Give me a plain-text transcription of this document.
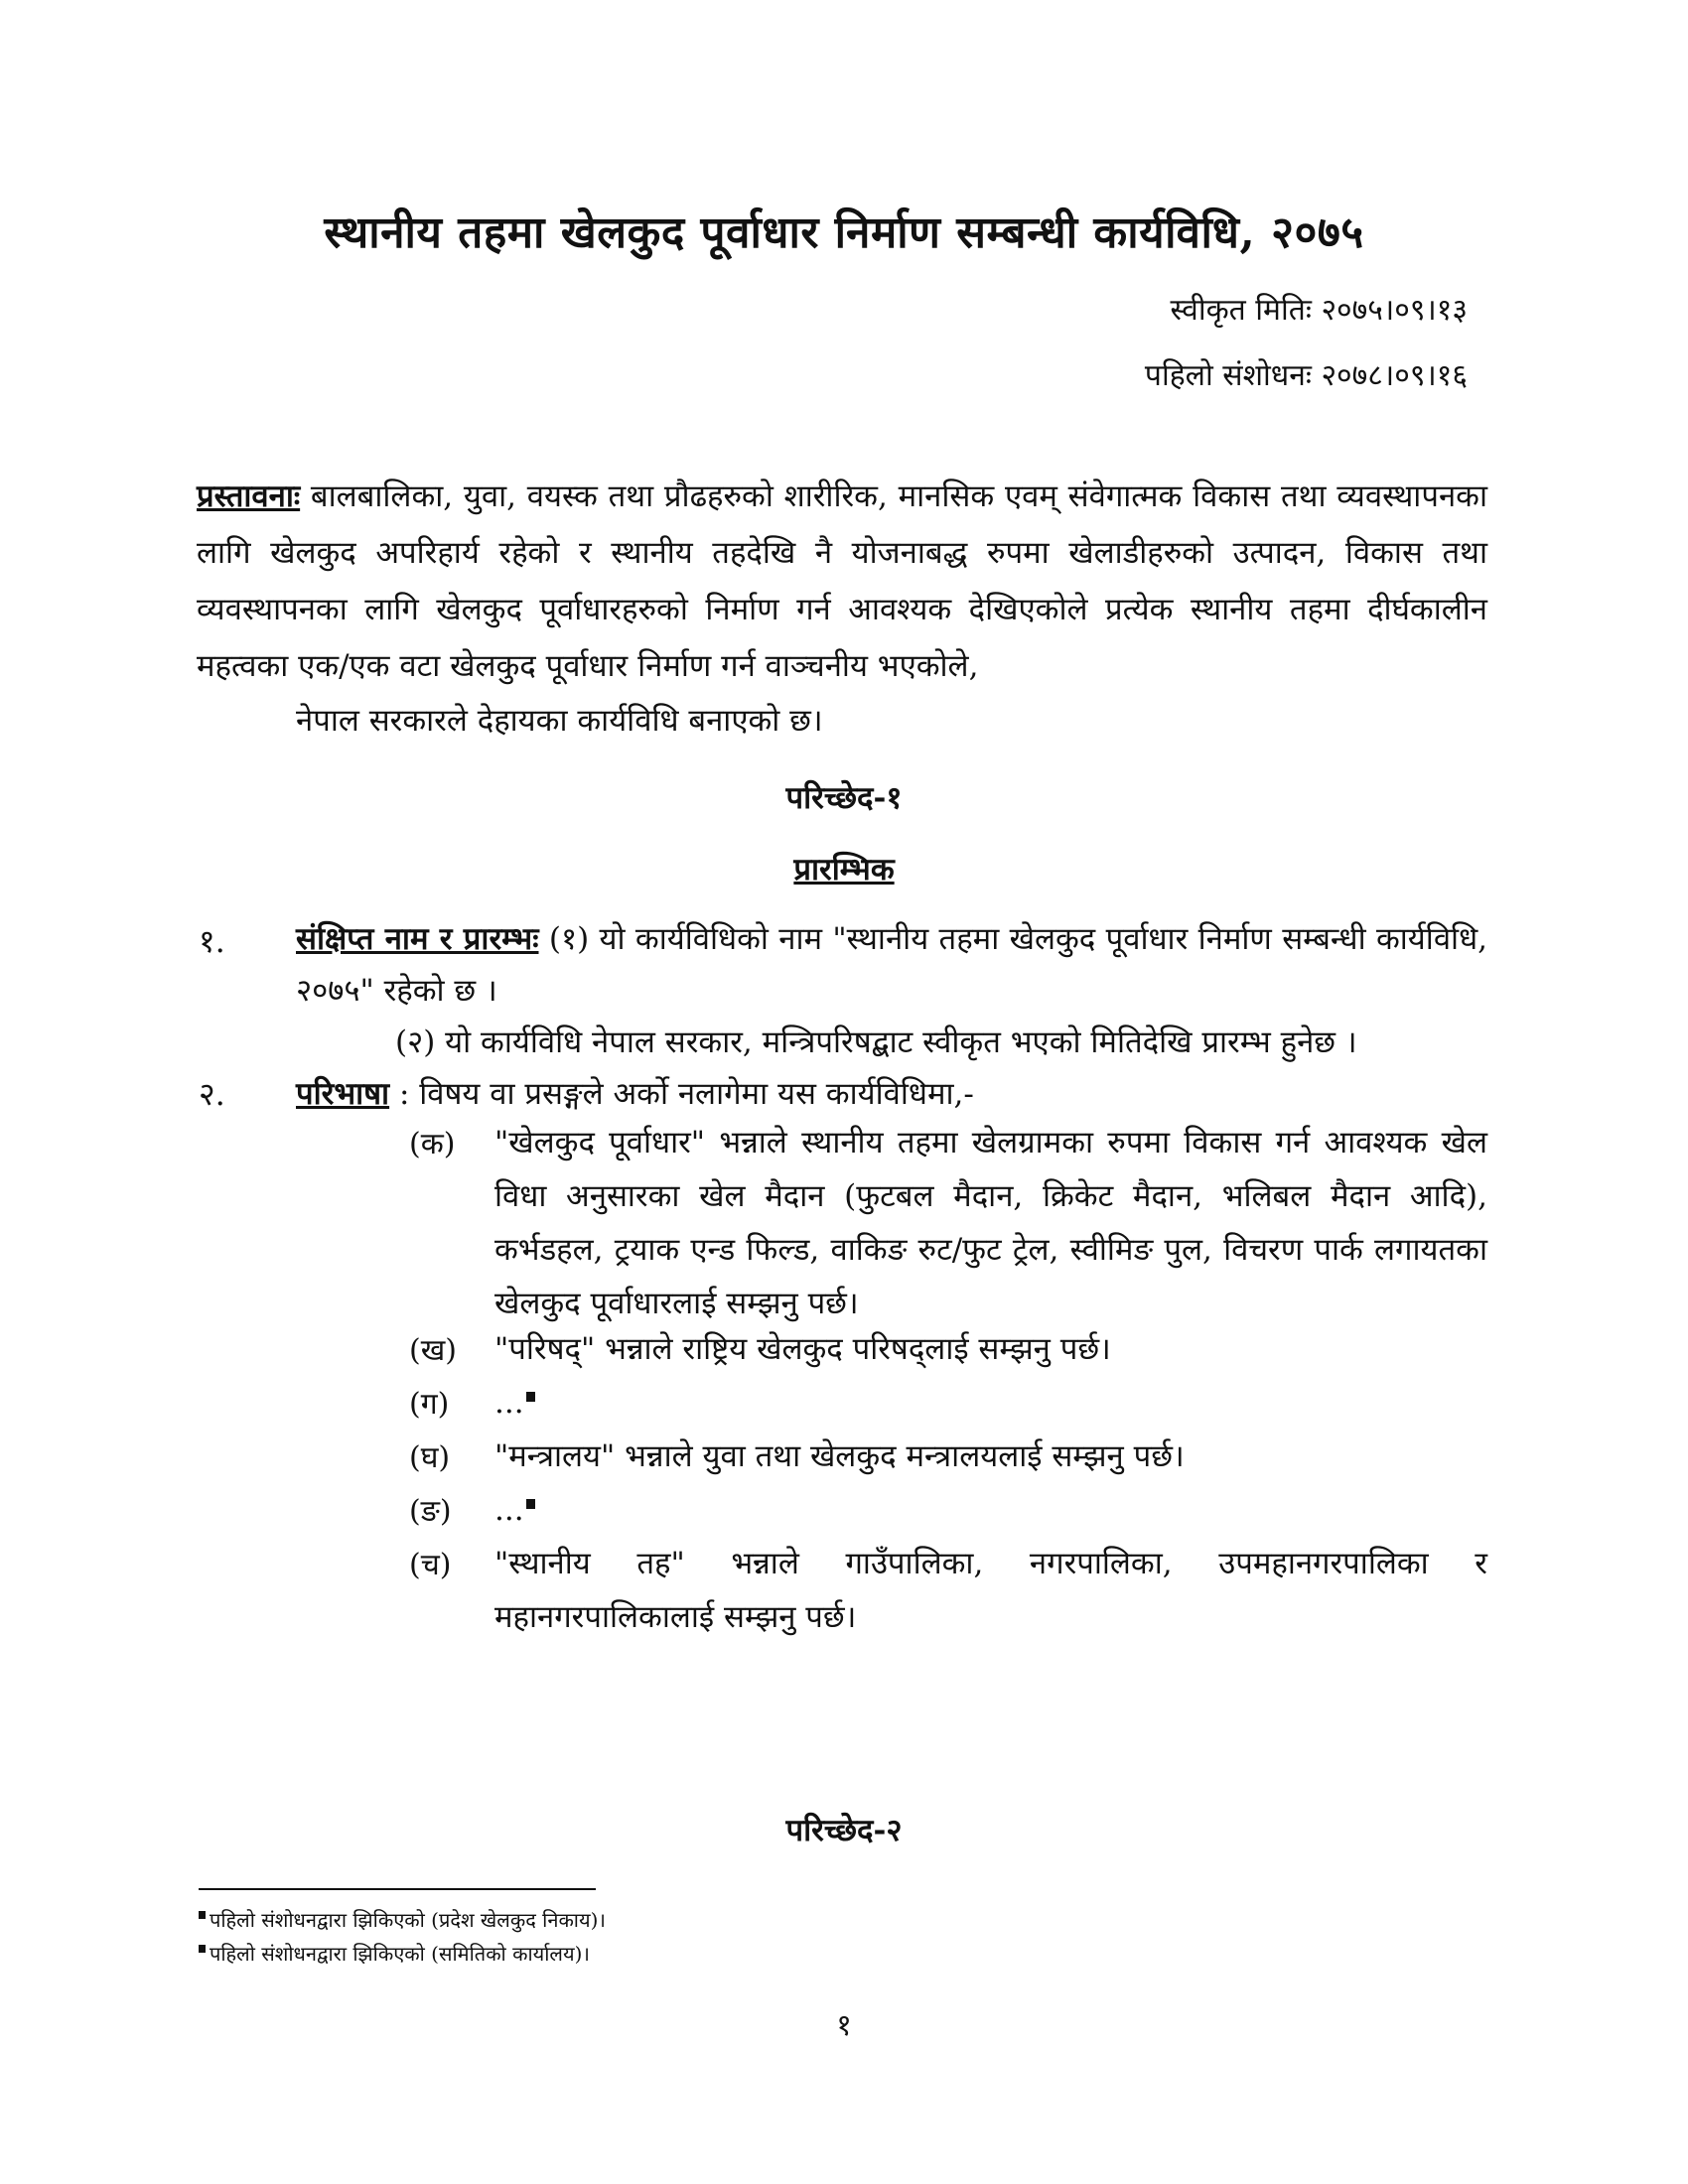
स्थानीय तहमा खेलकुद पूर्वाधार निर्माण सम्बन्धी कार्यविधि, २०७५
स्वीकृत मितिः २०७५।०९।१३
पहिलो संशोधनः २०७८।०९।१६
प्रस्तावनाः बालबालिका, युवा, वयस्क तथा प्रौढहरुको शारीरिक, मानसिक एवम् संवेगात्मक विकास तथा व्यवस्थापनका लागि खेलकुद अपरिहार्य रहेको र स्थानीय तहदेखि नै योजनाबद्ध रुपमा खेलाडीहरुको उत्पादन, विकास तथा व्यवस्थापनका लागि खेलकुद पूर्वाधारहरुको निर्माण गर्न आवश्यक देखिएकोले प्रत्येक स्थानीय तहमा दीर्घकालीन महत्वका एक/एक वटा खेलकुद पूर्वाधार निर्माण गर्न वाञ्चनीय भएकोले,
नेपाल सरकारले देहायका कार्यविधि बनाएको छ।
परिच्छेद-१
प्रारम्भिक
१. संक्षिप्त नाम र प्रारम्भः (१) यो कार्यविधिको नाम "स्थानीय तहमा खेलकुद पूर्वाधार निर्माण सम्बन्धी कार्यविधि, २०७५" रहेको छ ।
(२) यो कार्यविधि नेपाल सरकार, मन्त्रिपरिषद्बाट स्वीकृत भएको मितिदेखि प्रारम्भ हुनेछ ।
२. परिभाषा : विषय वा प्रसङ्गले अर्को नलागेमा यस कार्यविधिमा,-
(क) "खेलकुद पूर्वाधार" भन्नाले स्थानीय तहमा खेलग्रामका रुपमा विकास गर्न आवश्यक खेल विधा अनुसारका खेल मैदान (फुटबल मैदान, क्रिकेट मैदान, भलिबल मैदान आदि), कर्भडहल, ट्रयाक एन्ड फिल्ड, वाकिङ रुट/फुट ट्रेल, स्वीमिङ पुल, विचरण पार्क लगायतका खेलकुद पूर्वाधारलाई सम्झनु पर्छ।
(ख) "परिषद्" भन्नाले राष्ट्रिय खेलकुद परिषद्लाई सम्झनु पर्छ।
(ग) ...
(घ) "मन्त्रालय" भन्नाले युवा तथा खेलकुद मन्त्रालयलाई सम्झनु पर्छ।
(ङ) ...
(च) "स्थानीय तह" भन्नाले गाउँपालिका, नगरपालिका, उपमहानगरपालिका र महानगरपालिकालाई सम्झनु पर्छ।
परिच्छेद-२
पहिलो संशोधनद्वारा झिकिएको (प्रदेश खेलकुद निकाय)।
पहिलो संशोधनद्वारा झिकिएको (समितिको कार्यालय)।
१
